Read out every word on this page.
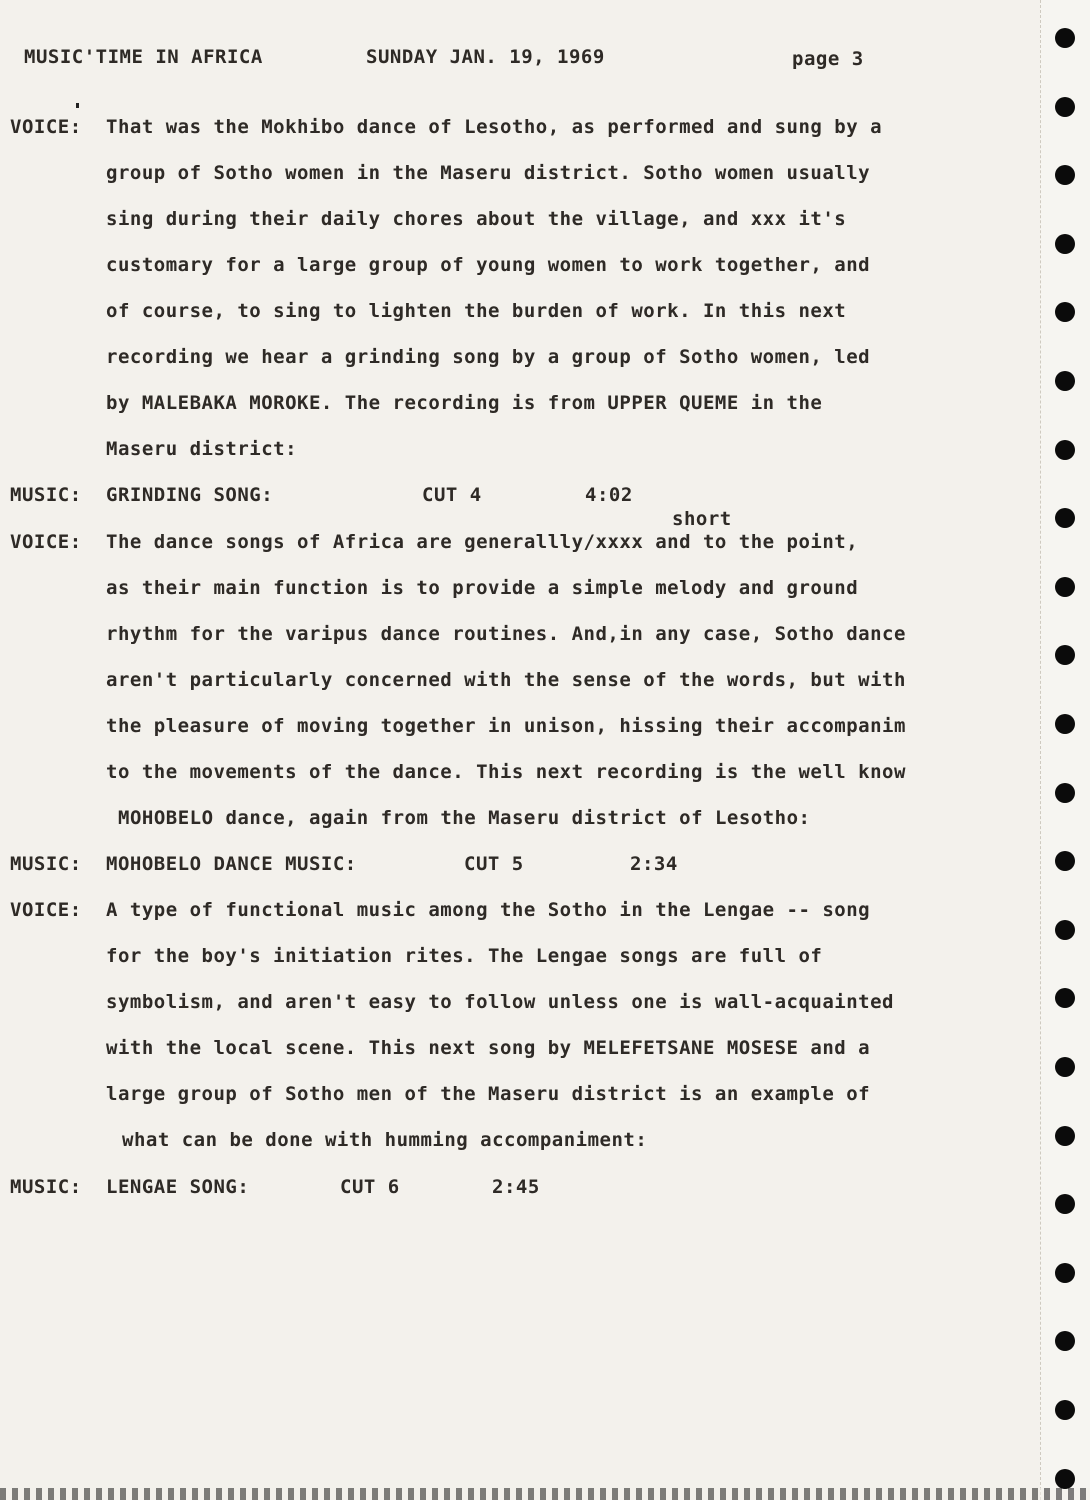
MUSIC'TIME IN AFRICA	SUNDAY JAN. 19, 1969	page 3
VOICE: That was the Mokhibo dance of Lesotho, as performed and sung by a
group of Sotho women in the Maseru district. Sotho women usually
sing during their daily chores about the village, and xxx it's
customary for a large group of young women to work together, and
of course, to sing to lighten the burden of work. In this next
recording we hear a grinding song by a group of Sotho women, led
by MALEBAKA MOROKE. The recording is from UPPER QUEME in the
Maseru district:
MUSIC: GRINDING SONG:	CUT 4	4:02
short
VOICE: The dance songs of Africa are generallly/xxxx and to the point,
as their main function is to provide a simple melody and ground
rhythm for the varipus dance routines. And,in any case, Sotho dance
aren't particularly concerned with the sense of the words, but with
the pleasure of moving together in unison, hissing their accompanim
to the movements of the dance. This next recording is the well know
MOHOBELO dance, again from the Maseru district of Lesotho:
MUSIC: MOHOBELO DANCE MUSIC:	CUT 5	2:34
VOICE: A type of functional music among the Sotho in the Lengae -- song
for the boy's initiation rites. The Lengae songs are full of
symbolism, and aren't easy to follow unless one is wall-acquainted
with the local scene. This next song by MELEFETSANE MOSESE and a
large group of Sotho men of the Maseru district is an example of
what can be done with humming accompaniment:
MUSIC: LENGAE SONG:	CUT 6	2:45
